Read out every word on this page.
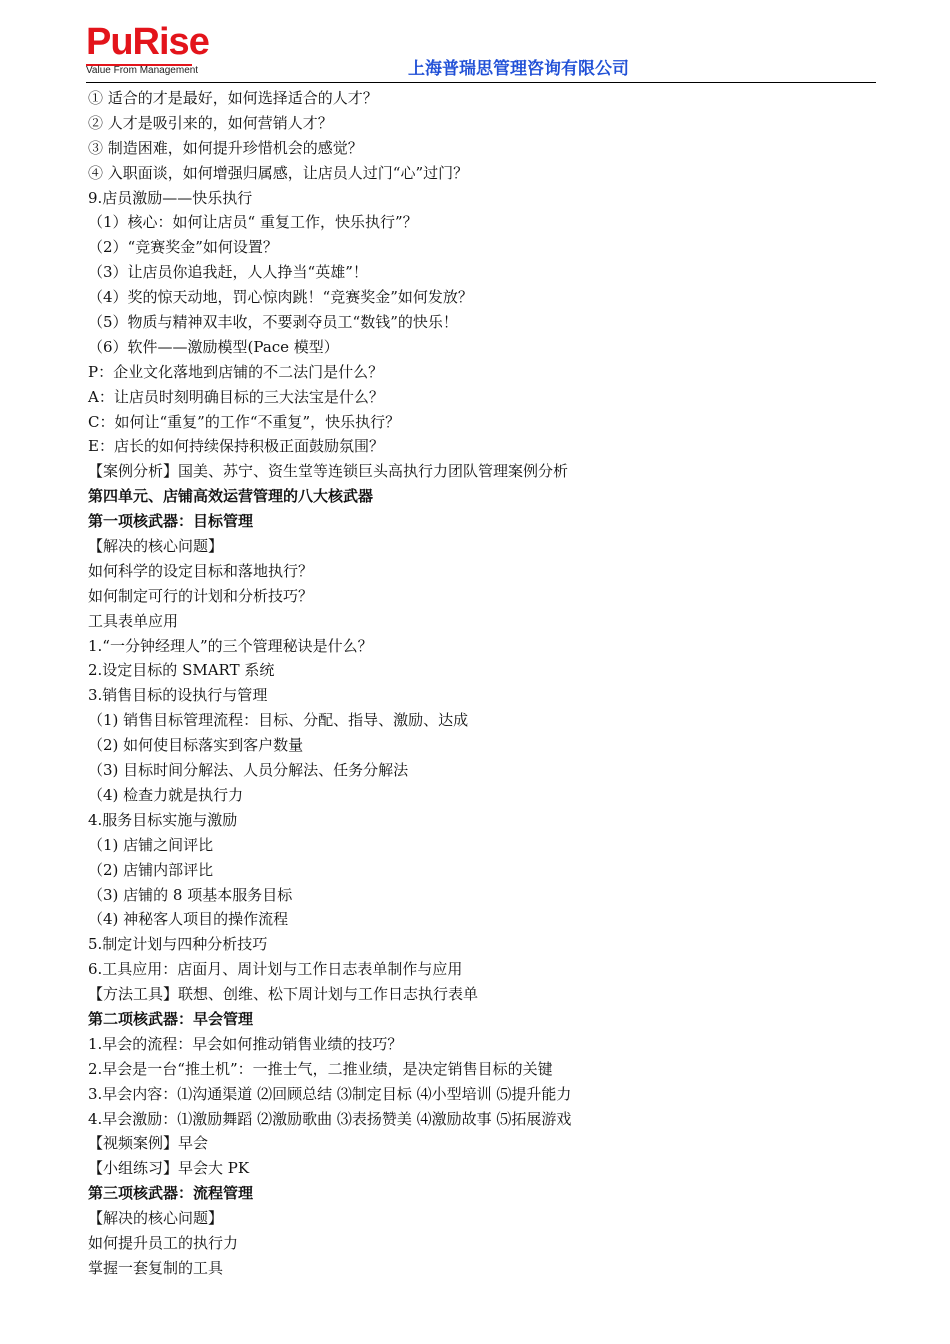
PuRise
Value From Management	上海普瑞思管理咨询有限公司
① 适合的才是最好，如何选择适合的人才？
② 人才是吸引来的，如何营销人才？
③ 制造困难，如何提升珍惜机会的感觉？
④ 入职面谈，如何增强归属感，让店员人过门“心”过门？
9.店员激励——快乐执行
（1）核心：如何让店员“ 重复工作，快乐执行”？
（2）“竞赛奖金”如何设置？
（3）让店员你追我赶，人人挣当“英雄”！
（4）奖的惊天动地，罚心惊肉跳！“竞赛奖金”如何发放？
（5）物质与精神双丰收，不要剥夺员工“数钱”的快乐！
（6）软件——激励模型(Pace 模型）
P：企业文化落地到店铺的不二法门是什么？
A：让店员时刻明确目标的三大法宝是什么？
C：如何让“重复”的工作“不重复”，快乐执行？
E：店长的如何持续保持积极正面鼓励氛围？
【案例分析】国美、苏宁、资生堂等连锁巨头高执行力团队管理案例分析
第四单元、店铺高效运营管理的八大核武器
第一项核武器：目标管理
【解决的核心问题】
如何科学的设定目标和落地执行？
如何制定可行的计划和分析技巧？
工具表单应用
1.“一分钟经理人”的三个管理秘诀是什么？
2.设定目标的 SMART 系统
3.销售目标的设执行与管理
（1) 销售目标管理流程：目标、分配、指导、激励、达成
（2) 如何使目标落实到客户数量
（3) 目标时间分解法、人员分解法、任务分解法
（4) 检查力就是执行力
4.服务目标实施与激励
（1) 店铺之间评比
（2) 店铺内部评比
（3) 店铺的 8 项基本服务目标
（4) 神秘客人项目的操作流程
5.制定计划与四种分析技巧
6.工具应用：店面月、周计划与工作日志表单制作与应用
【方法工具】联想、创维、松下周计划与工作日志执行表单
第二项核武器：早会管理
1.早会的流程：早会如何推动销售业绩的技巧？
2.早会是一台“推土机”：一推士气，二推业绩，是决定销售目标的关键
3.早会内容：⑴沟通渠道 ⑵回顾总结 ⑶制定目标 ⑷小型培训 ⑸提升能力
4.早会激励：⑴激励舞蹈 ⑵激励歌曲 ⑶表扬赞美 ⑷激励故事 ⑸拓展游戏
【视频案例】早会
【小组练习】早会大 PK
第三项核武器：流程管理
【解决的核心问题】
如何提升员工的执行力
掌握一套复制的工具
